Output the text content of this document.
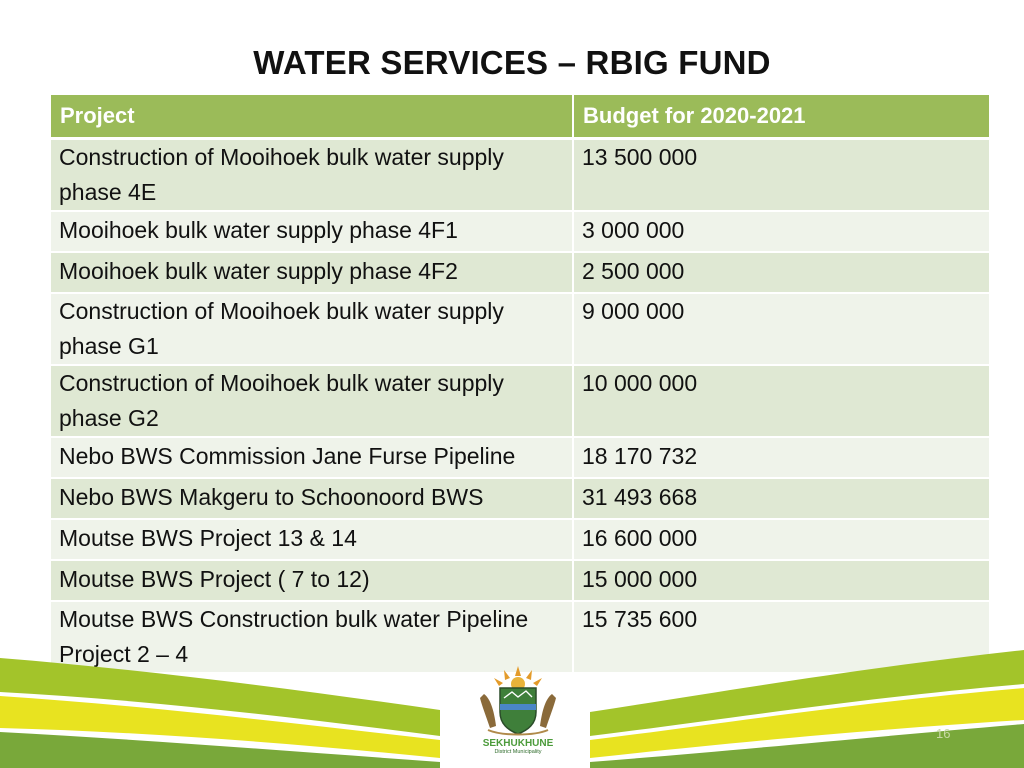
WATER SERVICES – RBIG FUND
Project	Budget for 2020-2021
Construction of Mooihoek bulk water supply phase 4E	13 500 000
Mooihoek bulk water supply phase 4F1	3 000 000
Mooihoek bulk water supply phase 4F2	2 500 000
Construction of Mooihoek bulk water supply phase G1	9 000 000
Construction of Mooihoek bulk water supply phase G2	10 000 000
Nebo BWS Commission Jane Furse Pipeline	18 170 732
Nebo BWS Makgeru to Schoonoord BWS	31 493 668
Moutse BWS Project 13 & 14	16 600 000
Moutse BWS Project ( 7 to 12)	15 000 000
Moutse BWS Construction bulk water Pipeline Project 2 – 4	15 735 600
SEKHUKHUNE
District Municipality
16
